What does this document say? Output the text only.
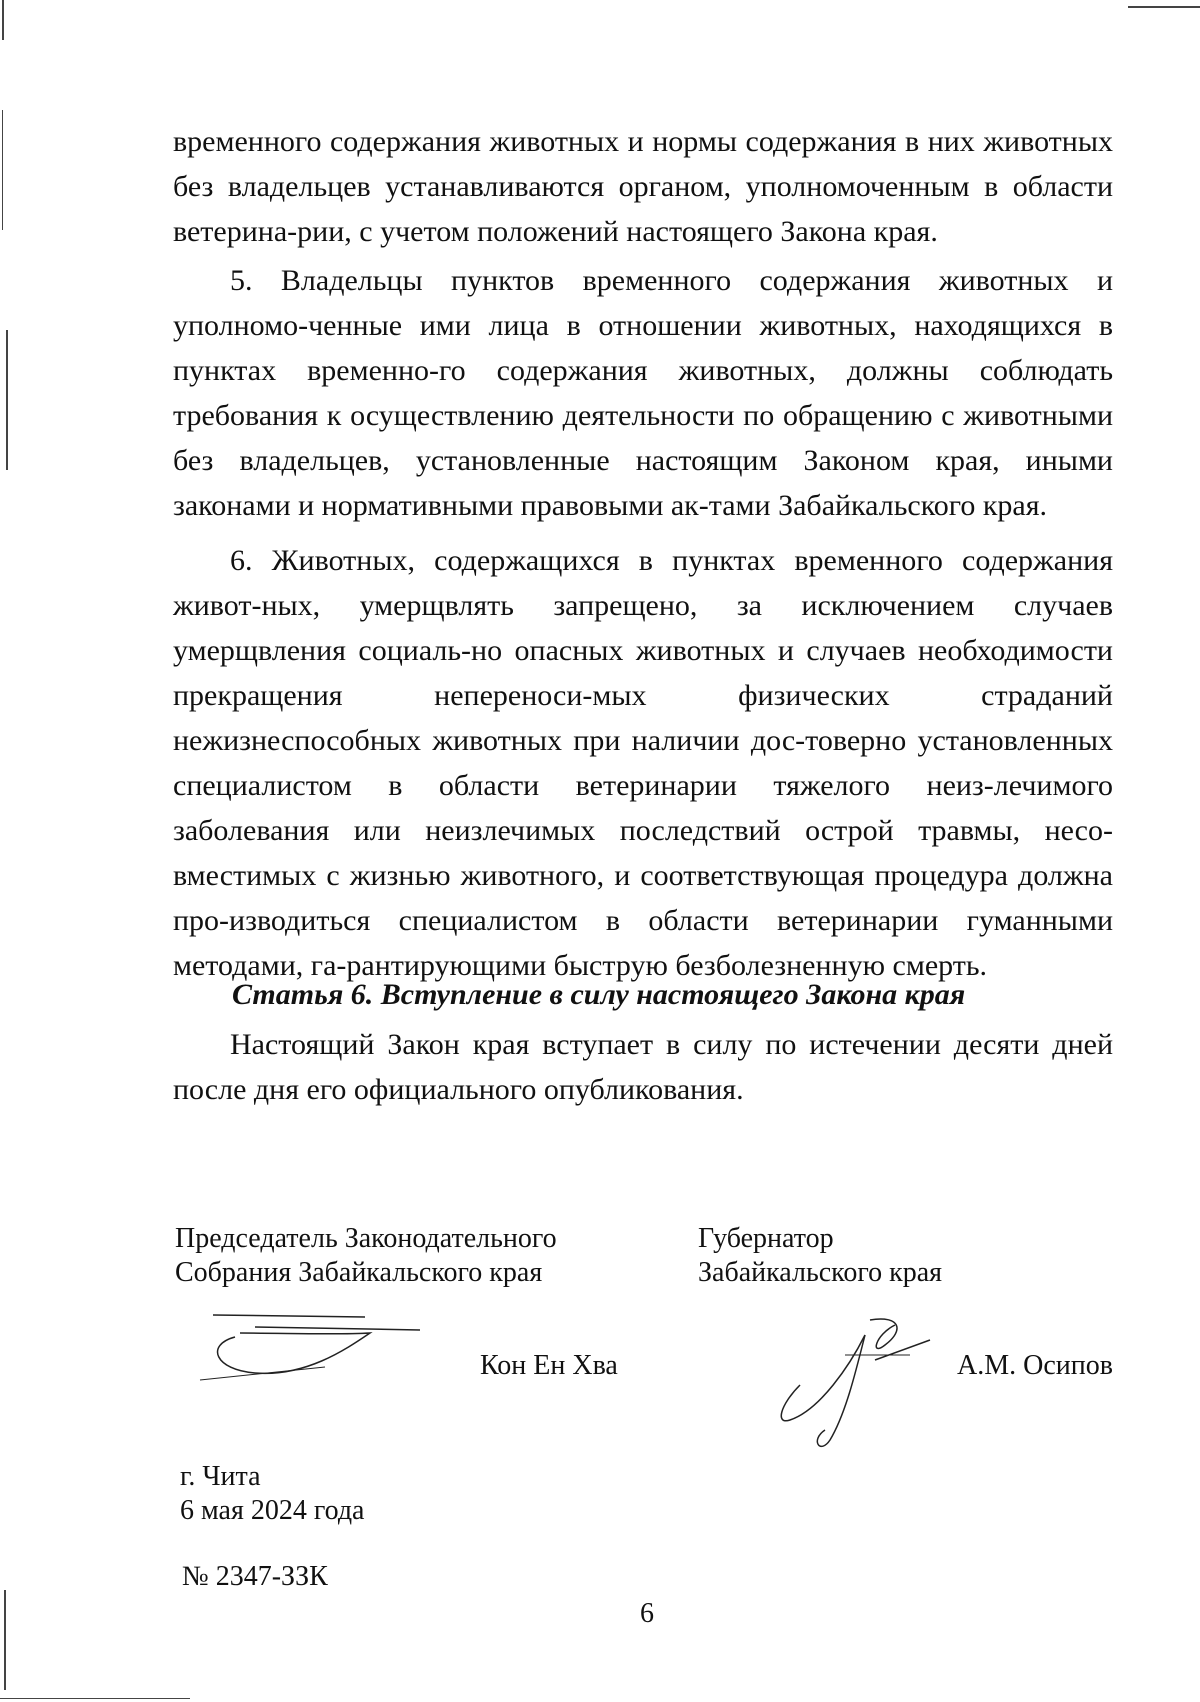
временного содержания животных и нормы содержания в них животных без владельцев устанавливаются органом, уполномоченным в области ветерина-рии, с учетом положений настоящего Закона края.

5. Владельцы пунктов временного содержания животных и уполномо-ченные ими лица в отношении животных, находящихся в пунктах временно-го содержания животных, должны соблюдать требования к осуществлению деятельности по обращению с животными без владельцев, установленные настоящим Законом края, иными законами и нормативными правовыми ак-тами Забайкальского края.

6. Животных, содержащихся в пунктах временного содержания живот-ных, умерщвлять запрещено, за исключением случаев умерщвления социаль-но опасных животных и случаев необходимости прекращения непереноси-мых физических страданий нежизнеспособных животных при наличии дос-товерно установленных специалистом в области ветеринарии тяжелого неиз-лечимого заболевания или неизлечимых последствий острой травмы, несо-вместимых с жизнью животного, и соответствующая процедура должна про-изводиться специалистом в области ветеринарии гуманными методами, га-рантирующими быструю безболезненную смерть.

Статья 6. Вступление в силу настоящего Закона края

Настоящий Закон края вступает в силу по истечении десяти дней после дня его официального опубликования.

Председатель Законодательного
Собрания Забайкальского края

Кон Ен Хва

Губернатор
Забайкальского края

А.М. Осипов

г. Чита

6 мая 2024 года

№ 2347-ЗЗК

6
